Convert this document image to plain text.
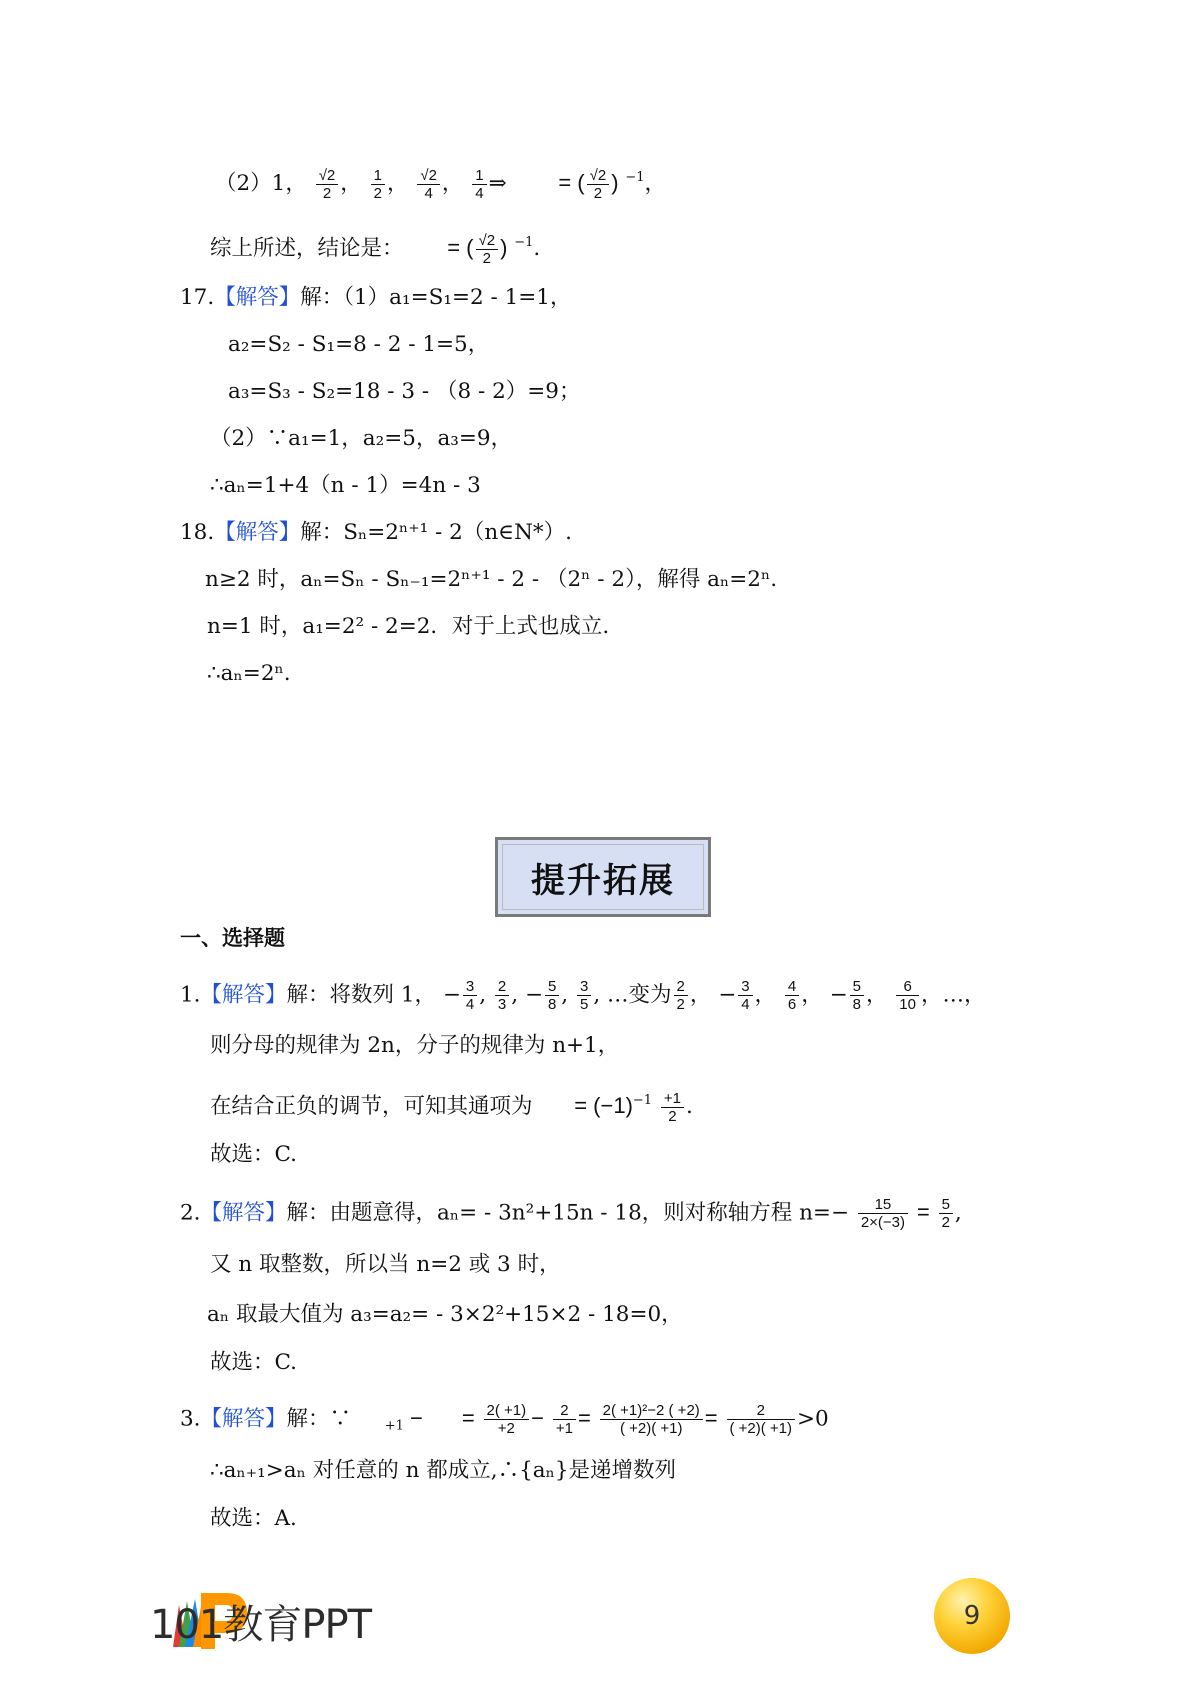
（2）1， $\frac{√2}{2}$ ， $\frac{1}{2}$ ， $\frac{√2}{4}$ ， $\frac{1}{4}$ ⇒ = ( $\frac{√2}{2}$ ) $^{-1}$，
综上所述，结论是： = ( $\frac{√2}{2}$ ) $^{-1}$.
17.【解答】解：（1）a₁=S₁=2 - 1=1，
a₂=S₂ - S₁=8 - 2 - 1=5，
a₃=S₃ - S₂=18 - 3 - （8 - 2）=9；
（2）∵a₁=1，a₂=5，a₃=9，
∴aₙ=1+4（n - 1）=4n - 3
18.【解答】解：Sₙ=2ⁿ⁺¹ - 2（n∈N*）.
n≥2 时，aₙ=Sₙ - Sₙ₋₁=2ⁿ⁺¹ - 2 - （2ⁿ - 2），解得 aₙ=2ⁿ.
n=1 时，a₁=2² - 2=2．对于上式也成立.
∴aₙ=2ⁿ.
提升拓展
一、选择题
1.【解答】解：将数列 1， − $\frac{3}{4}$ , $\frac{2}{3}$ , − $\frac{5}{8}$ , $\frac{3}{5}$ , …变为 $\frac{2}{2}$ ， − $\frac{3}{4}$ ， $\frac{4}{6}$ ， − $\frac{5}{8}$ ， $\frac{6}{10}$ ，…，
则分母的规律为 2n，分子的规律为 n+1，
在结合正负的调节，可知其通项为 = $(-1)^{-1} \frac{+1}{2}$ .
故选：C.
2.【解答】解：由题意得，aₙ= - 3n²+15n - 18，则对称轴方程 $n=- \frac{15}{2\times(-3)} = \frac{5}{2}$ ,
又 n 取整数，所以当 n=2 或 3 时，
aₙ 取最大值为 a₃=a₂= - 3×2²+15×2 - 18=0，
故选：C.
3.【解答】解：∵	$_{+1}$ −  = $\frac{2( +1)}{+2} - \frac{2}{+1} = \frac{\text{2( +1)²−2 ( +2)}}{( +2)( +1)} = \frac{2}{( +2)( +1)} >0$
∴aₙ₊₁>aₙ 对任意的 n 都成立,∴{aₙ}是递增数列
故选：A.
101教育PPT	9
